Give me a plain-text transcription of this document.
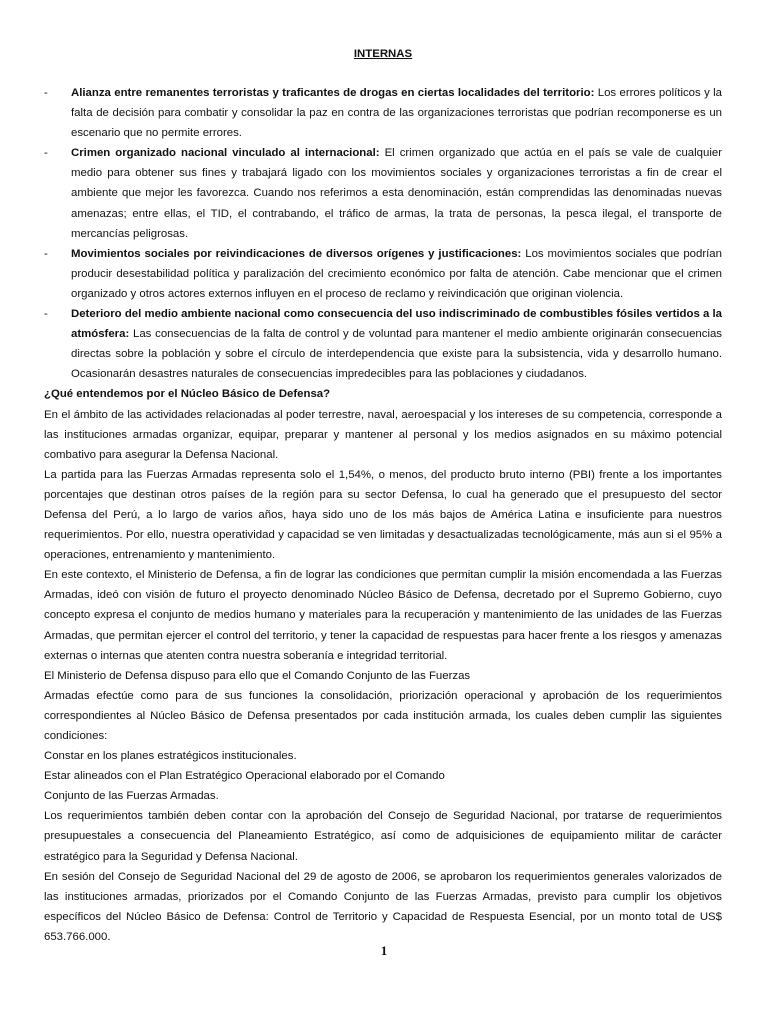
INTERNAS
- Alianza entre remanentes terroristas y traficantes de drogas en ciertas localidades del territorio: Los errores políticos y la falta de decisión para combatir y consolidar la paz en contra de las organizaciones terroristas que podrían recomponerse es un escenario que no permite errores.
- Crimen organizado nacional vinculado al internacional: El crimen organizado que actúa en el país se vale de cualquier medio para obtener sus fines y trabajará ligado con los movimientos sociales y organizaciones terroristas a fin de crear el ambiente que mejor les favorezca. Cuando nos referimos a esta denominación, están comprendidas las denominadas nuevas amenazas; entre ellas, el TID, el contrabando, el tráfico de armas, la trata de personas, la pesca ilegal, el transporte de mercancías peligrosas.
- Movimientos sociales por reivindicaciones de diversos orígenes y justificaciones: Los movimientos sociales que podrían producir desestabilidad política y paralización del crecimiento económico por falta de atención. Cabe mencionar que el crimen organizado y otros actores externos influyen en el proceso de reclamo y reivindicación que originan violencia.
- Deterioro del medio ambiente nacional como consecuencia del uso indiscriminado de combustibles fósiles vertidos a la atmósfera: Las consecuencias de la falta de control y de voluntad para mantener el medio ambiente originarán consecuencias directas sobre la población y sobre el círculo de interdependencia que existe para la subsistencia, vida y desarrollo humano. Ocasionarán desastres naturales de consecuencias impredecibles para las poblaciones y ciudadanos.

¿Qué entendemos por el Núcleo Básico de Defensa?

En el ámbito de las actividades relacionadas al poder terrestre, naval, aeroespacial y los intereses de su competencia, corresponde a las instituciones armadas organizar, equipar, preparar y mantener al personal y los medios asignados en su máximo potencial combativo para asegurar la Defensa Nacional.

La partida para las Fuerzas Armadas representa solo el 1,54%, o menos, del producto bruto interno (PBI) frente a los importantes porcentajes que destinan otros países de la región para su sector Defensa, lo cual ha generado que el presupuesto del sector Defensa del Perú, a lo largo de varios años, haya sido uno de los más bajos de América Latina e insuficiente para nuestros requerimientos. Por ello, nuestra operatividad y capacidad se ven limitadas y desactualizadas tecnológicamente, más aun si el 95% a operaciones, entrenamiento y mantenimiento.

En este contexto, el Ministerio de Defensa, a fin de lograr las condiciones que permitan cumplir la misión encomendada a las Fuerzas Armadas, ideó con visión de futuro el proyecto denominado Núcleo Básico de Defensa, decretado por el Supremo Gobierno, cuyo concepto expresa el conjunto de medios humano y materiales para la recuperación y mantenimiento de las unidades de las Fuerzas Armadas, que permitan ejercer el control del territorio, y tener la capacidad de respuestas para hacer frente a los riesgos y amenazas externas o internas que atenten contra nuestra soberanía e integridad territorial.

El Ministerio de Defensa dispuso para ello que el Comando Conjunto de las Fuerzas

Armadas efectúe como para de sus funciones la consolidación, priorización operacional y aprobación de los requerimientos correspondientes al Núcleo Básico de Defensa presentados por cada institución armada, los cuales deben cumplir las siguientes condiciones:

Constar en los planes estratégicos institucionales.

Estar alineados con el Plan Estratégico Operacional elaborado por el Comando

Conjunto de las Fuerzas Armadas.

Los requerimientos también deben contar con la aprobación del Consejo de Seguridad Nacional, por tratarse de requerimientos presupuestales a consecuencia del Planeamiento Estratégico, así como de adquisiciones de equipamiento militar de carácter estratégico para la Seguridad y Defensa Nacional.

En sesión del Consejo de Seguridad Nacional del 29 de agosto de 2006, se aprobaron los requerimientos generales valorizados de las instituciones armadas, priorizados por el Comando Conjunto de las Fuerzas Armadas, previsto para cumplir los objetivos específicos del Núcleo Básico de Defensa: Control de Territorio y Capacidad de Respuesta Esencial, por un monto total de US$ 653.766.000.

1
